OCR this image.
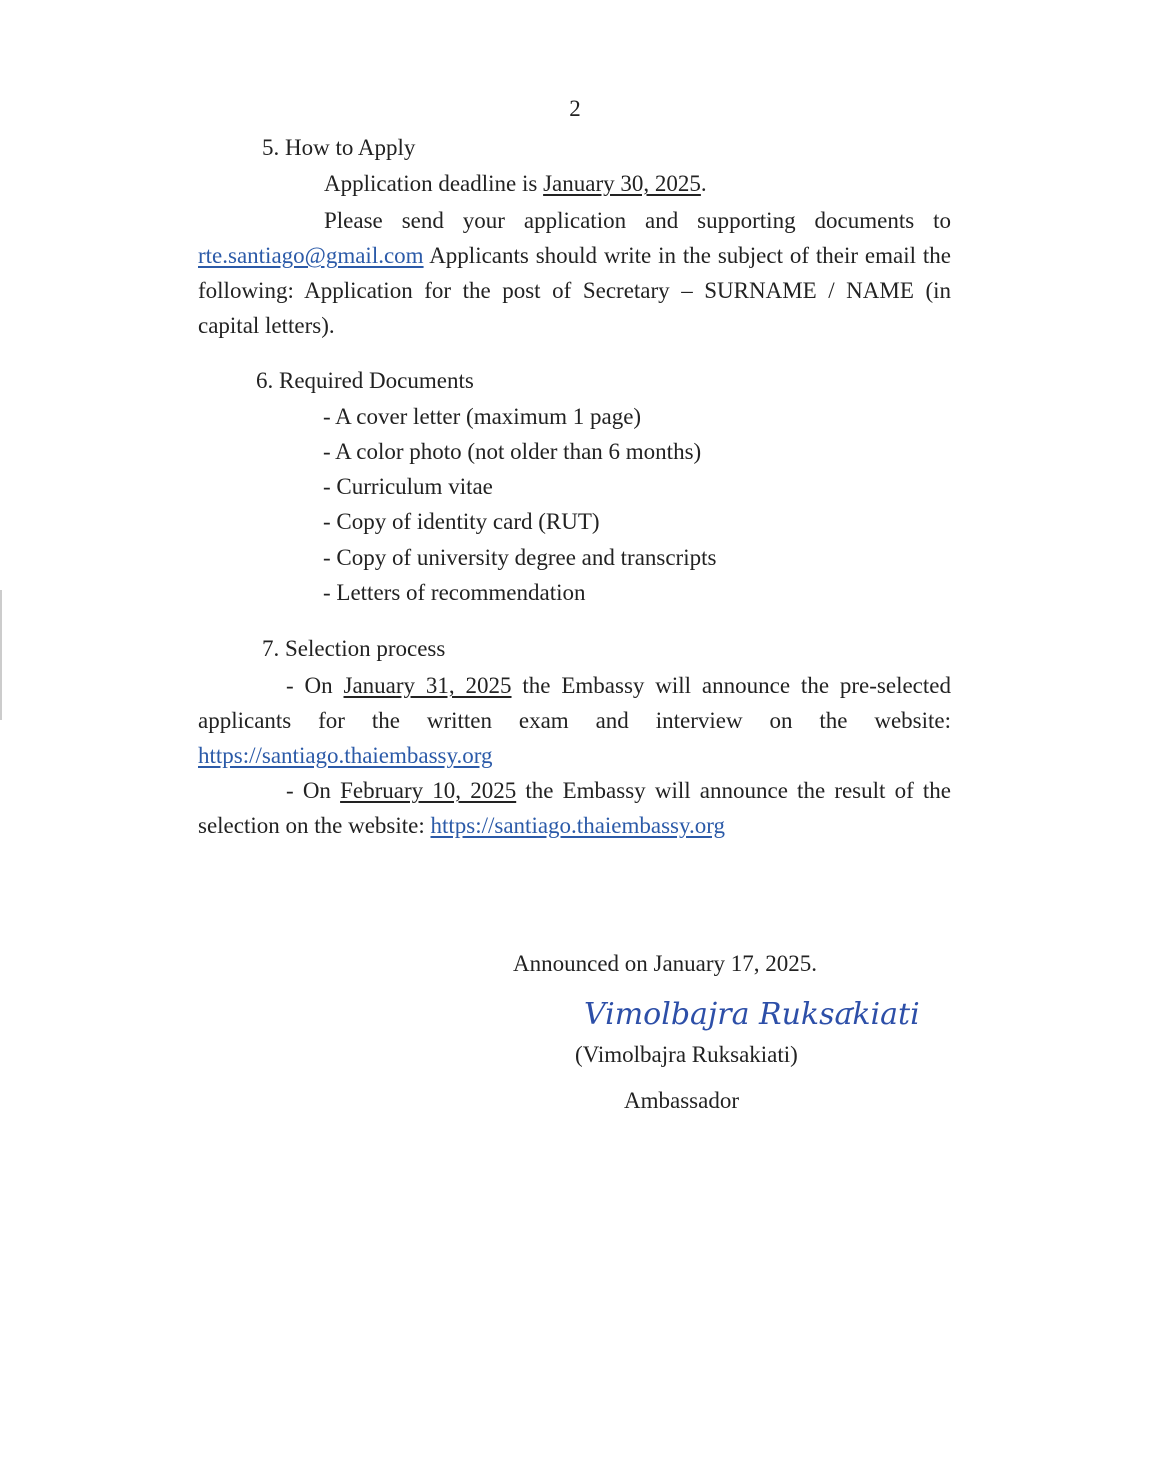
2
5. How to Apply
Application deadline is January 30, 2025.
Please send your application and supporting documents to rte.santiago@gmail.com Applicants should write in the subject of their email the following: Application for the post of Secretary – SURNAME / NAME (in capital letters).
6. Required Documents
- A cover letter (maximum 1 page)
- A color photo (not older than 6 months)
- Curriculum vitae
- Copy of identity card (RUT)
- Copy of university degree and transcripts
- Letters of recommendation
7. Selection process
- On January 31, 2025 the Embassy will announce the pre-selected applicants for the written exam and interview on the website: https://santiago.thaiembassy.org
- On February 10, 2025 the Embassy will announce the result of the selection on the website: https://santiago.thaiembassy.org
Announced on January 17, 2025.
Vimolbajra Ruksakiati
(Vimolbajra Ruksakiati)
Ambassador
